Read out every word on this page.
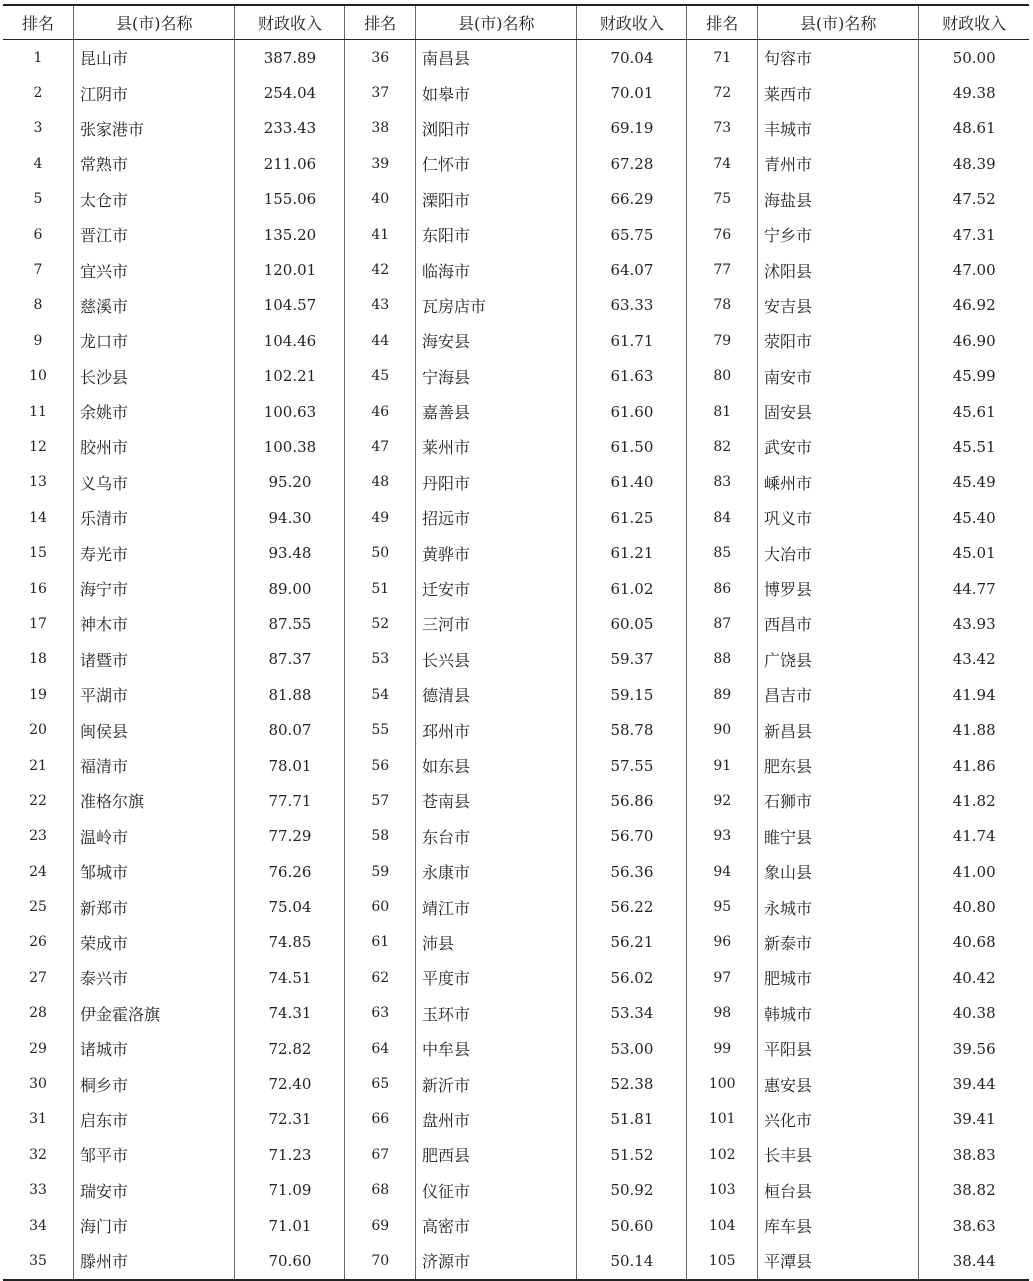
排名	县(市)名称	财政收入	排名	县(市)名称	财政收入	排名	县(市)名称	财政收入
1	昆山市	387.89	36	南昌县	70.04	71	句容市	50.00
2	江阴市	254.04	37	如皋市	70.01	72	莱西市	49.38
3	张家港市	233.43	38	浏阳市	69.19	73	丰城市	48.61
4	常熟市	211.06	39	仁怀市	67.28	74	青州市	48.39
5	太仓市	155.06	40	溧阳市	66.29	75	海盐县	47.52
6	晋江市	135.20	41	东阳市	65.75	76	宁乡市	47.31
7	宜兴市	120.01	42	临海市	64.07	77	沭阳县	47.00
8	慈溪市	104.57	43	瓦房店市	63.33	78	安吉县	46.92
9	龙口市	104.46	44	海安县	61.71	79	荥阳市	46.90
10	长沙县	102.21	45	宁海县	61.63	80	南安市	45.99
11	余姚市	100.63	46	嘉善县	61.60	81	固安县	45.61
12	胶州市	100.38	47	莱州市	61.50	82	武安市	45.51
13	义乌市	95.20	48	丹阳市	61.40	83	嵊州市	45.49
14	乐清市	94.30	49	招远市	61.25	84	巩义市	45.40
15	寿光市	93.48	50	黄骅市	61.21	85	大冶市	45.01
16	海宁市	89.00	51	迁安市	61.02	86	博罗县	44.77
17	神木市	87.55	52	三河市	60.05	87	西昌市	43.93
18	诸暨市	87.37	53	长兴县	59.37	88	广饶县	43.42
19	平湖市	81.88	54	德清县	59.15	89	昌吉市	41.94
20	闽侯县	80.07	55	邳州市	58.78	90	新昌县	41.88
21	福清市	78.01	56	如东县	57.55	91	肥东县	41.86
22	准格尔旗	77.71	57	苍南县	56.86	92	石狮市	41.82
23	温岭市	77.29	58	东台市	56.70	93	睢宁县	41.74
24	邹城市	76.26	59	永康市	56.36	94	象山县	41.00
25	新郑市	75.04	60	靖江市	56.22	95	永城市	40.80
26	荣成市	74.85	61	沛县	56.21	96	新泰市	40.68
27	泰兴市	74.51	62	平度市	56.02	97	肥城市	40.42
28	伊金霍洛旗	74.31	63	玉环市	53.34	98	韩城市	40.38
29	诸城市	72.82	64	中牟县	53.00	99	平阳县	39.56
30	桐乡市	72.40	65	新沂市	52.38	100	惠安县	39.44
31	启东市	72.31	66	盘州市	51.81	101	兴化市	39.41
32	邹平市	71.23	67	肥西县	51.52	102	长丰县	38.83
33	瑞安市	71.09	68	仪征市	50.92	103	桓台县	38.82
34	海门市	71.01	69	高密市	50.60	104	库车县	38.63
35	滕州市	70.60	70	济源市	50.14	105	平潭县	38.44
